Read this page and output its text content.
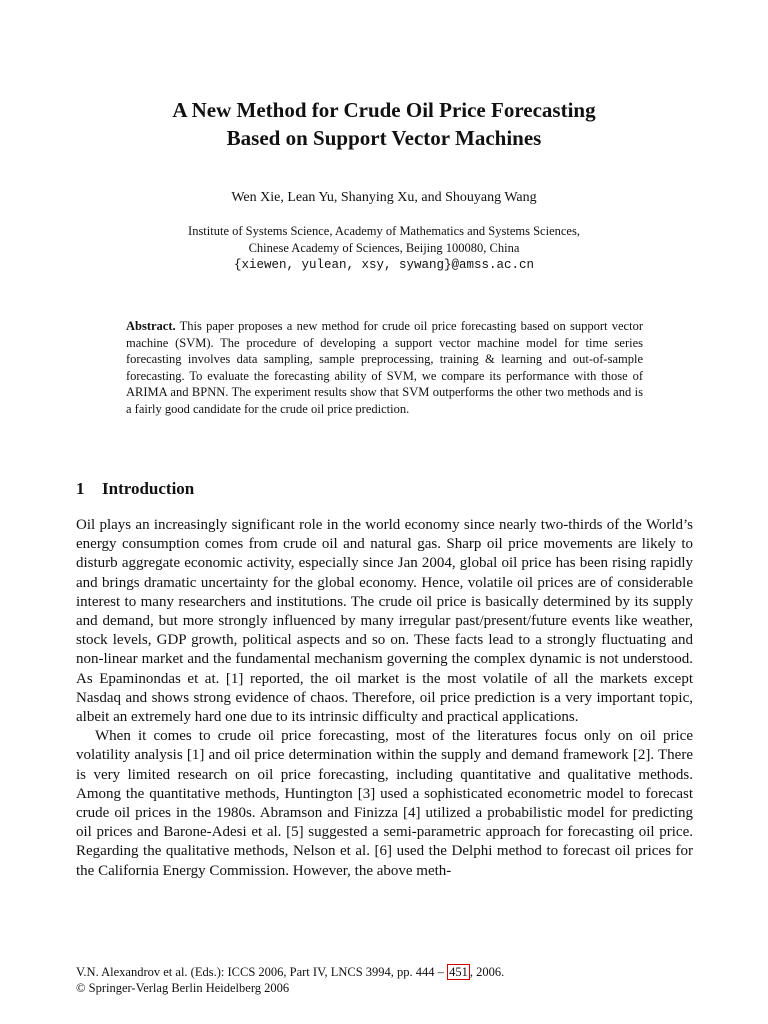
A New Method for Crude Oil Price Forecasting
Based on Support Vector Machines
Wen Xie, Lean Yu, Shanying Xu, and Shouyang Wang
Institute of Systems Science, Academy of Mathematics and Systems Sciences,
Chinese Academy of Sciences, Beijing 100080, China
{xiewen, yulean, xsy, sywang}@amss.ac.cn
Abstract. This paper proposes a new method for crude oil price forecasting based on support vector machine (SVM). The procedure of developing a support vector machine model for time series forecasting involves data sampling, sample preprocessing, training & learning and out-of-sample forecasting. To evaluate the forecasting ability of SVM, we compare its performance with those of ARIMA and BPNN. The experiment results show that SVM outperforms the other two methods and is a fairly good candidate for the crude oil price prediction.
1 Introduction

Oil plays an increasingly significant role in the world economy since nearly two-thirds of the World’s energy consumption comes from crude oil and natural gas. Sharp oil price movements are likely to disturb aggregate economic activity, especially since Jan 2004, global oil price has been rising rapidly and brings dramatic uncertainty for the global economy. Hence, volatile oil prices are of considerable interest to many researchers and institutions. The crude oil price is basically determined by its supply and demand, but more strongly influenced by many irregular past/present/future events like weather, stock levels, GDP growth, political aspects and so on. These facts lead to a strongly fluctuating and non-linear market and the fundamental mechanism governing the complex dynamic is not understood. As Epaminondas et at. [1] reported, the oil market is the most volatile of all the markets except Nasdaq and shows strong evidence of chaos. Therefore, oil price prediction is a very important topic, albeit an extremely hard one due to its intrinsic difficulty and practical applications.

When it comes to crude oil price forecasting, most of the literatures focus only on oil price volatility analysis [1] and oil price determination within the supply and demand framework [2]. There is very limited research on oil price forecasting, including quantitative and qualitative methods. Among the quantitative methods, Huntington [3] used a sophisticated econometric model to forecast crude oil prices in the 1980s. Abramson and Finizza [4] utilized a probabilistic model for predicting oil prices and Barone-Adesi et al. [5] suggested a semi-parametric approach for forecasting oil price. Regarding the qualitative methods, Nelson et al. [6] used the Delphi method to forecast oil prices for the California Energy Commission. However, the above meth-

V.N. Alexandrov et al. (Eds.): ICCS 2006, Part IV, LNCS 3994, pp. 444 – 451 , 2006.
© Springer-Verlag Berlin Heidelberg 2006
